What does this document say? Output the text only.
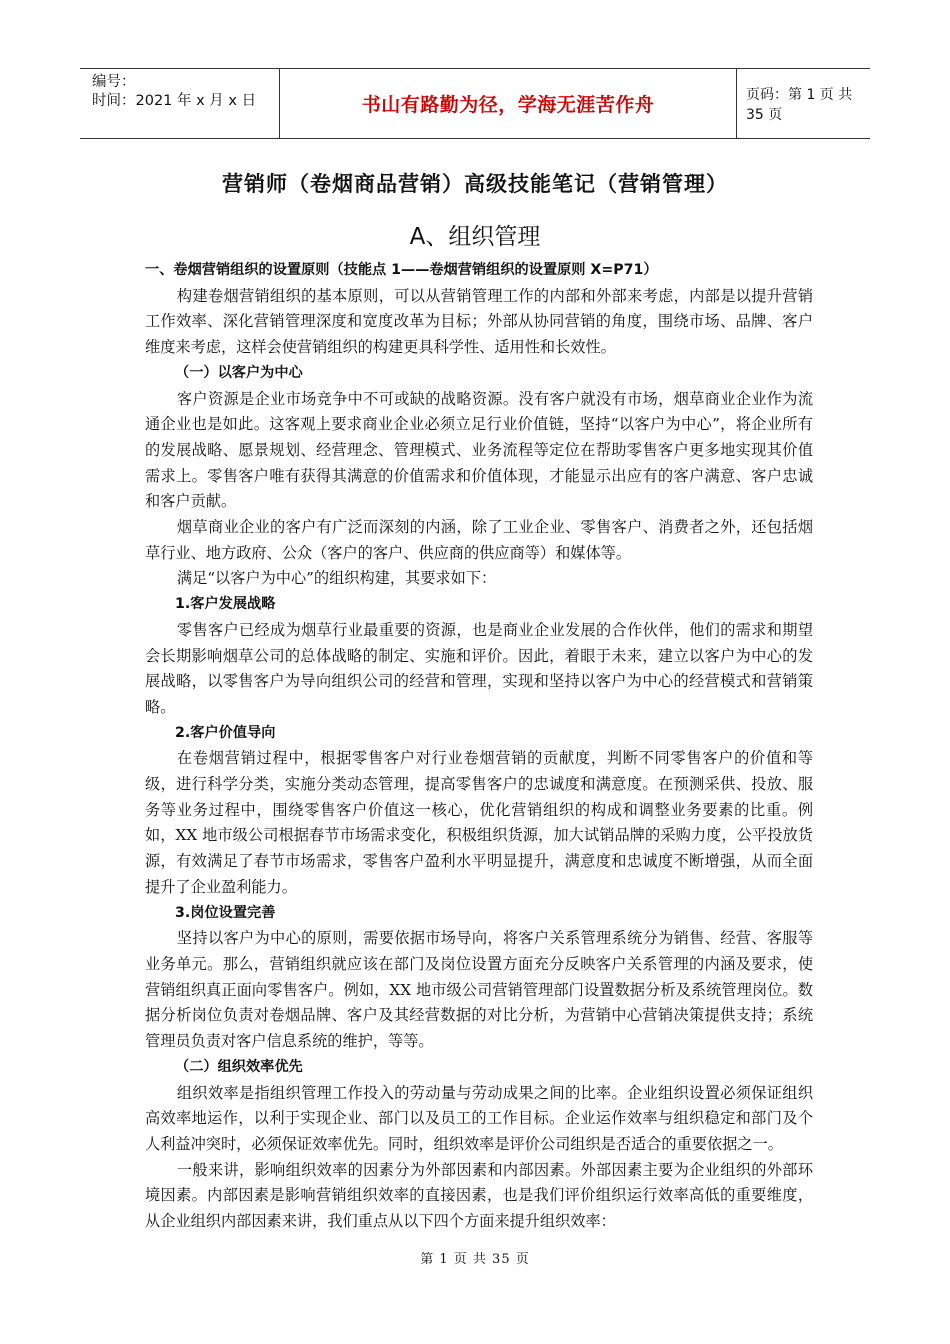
编号：
时间：2021 年 x 月 x 日	书山有路勤为径，学海无涯苦作舟	页码：第 1 页 共 35 页
营销师（卷烟商品营销）高级技能笔记（营销管理）
A、组织管理

一、卷烟营销组织的设置原则（技能点 1——卷烟营销组织的设置原则 X=P71）

构建卷烟营销组织的基本原则，可以从营销管理工作的内部和外部来考虑，内部是以提升营销工作效率、深化营销管理深度和宽度改革为目标；外部从协同营销的角度，围绕市场、品牌、客户维度来考虑，这样会使营销组织的构建更具科学性、适用性和长效性。

（一）以客户为中心

客户资源是企业市场竞争中不可或缺的战略资源。没有客户就没有市场，烟草商业企业作为流通企业也是如此。这客观上要求商业企业必须立足行业价值链，坚持“以客户为中心”，将企业所有的发展战略、愿景规划、经营理念、管理模式、业务流程等定位在帮助零售客户更多地实现其价值需求上。零售客户唯有获得其满意的价值需求和价值体现，才能显示出应有的客户满意、客户忠诚和客户贡献。

烟草商业企业的客户有广泛而深刻的内涵，除了工业企业、零售客户、消费者之外，还包括烟草行业、地方政府、公众（客户的客户、供应商的供应商等）和媒体等。

满足“以客户为中心”的组织构建，其要求如下：

1.客户发展战略

零售客户已经成为烟草行业最重要的资源，也是商业企业发展的合作伙伴，他们的需求和期望会长期影响烟草公司的总体战略的制定、实施和评价。因此，着眼于未来，建立以客户为中心的发展战略，以零售客户为导向组织公司的经营和管理，实现和坚持以客户为中心的经营模式和营销策略。

2.客户价值导向

在卷烟营销过程中，根据零售客户对行业卷烟营销的贡献度，判断不同零售客户的价值和等级，进行科学分类，实施分类动态管理，提高零售客户的忠诚度和满意度。在预测采供、投放、服务等业务过程中，围绕零售客户价值这一核心，优化营销组织的构成和调整业务要素的比重。例如，XX 地市级公司根据春节市场需求变化，积极组织货源，加大试销品牌的采购力度，公平投放货源，有效满足了春节市场需求，零售客户盈利水平明显提升，满意度和忠诚度不断增强，从而全面提升了企业盈利能力。

3.岗位设置完善

坚持以客户为中心的原则，需要依据市场导向，将客户关系管理系统分为销售、经营、客服等业务单元。那么，营销组织就应该在部门及岗位设置方面充分反映客户关系管理的内涵及要求，使营销组织真正面向零售客户。例如，XX 地市级公司营销管理部门设置数据分析及系统管理岗位。数据分析岗位负责对卷烟品牌、客户及其经营数据的对比分析，为营销中心营销决策提供支持；系统管理员负责对客户信息系统的维护，等等。

（二）组织效率优先

组织效率是指组织管理工作投入的劳动量与劳动成果之间的比率。企业组织设置必须保证组织高效率地运作，以利于实现企业、部门以及员工的工作目标。企业运作效率与组织稳定和部门及个人利益冲突时，必须保证效率优先。同时，组织效率是评价公司组织是否适合的重要依据之一。

一般来讲，影响组织效率的因素分为外部因素和内部因素。外部因素主要为企业组织的外部环境因素。内部因素是影响营销组织效率的直接因素，也是我们评价组织运行效率高低的重要维度，从企业组织内部因素来讲，我们重点从以下四个方面来提升组织效率：

第 1 页 共 35 页
